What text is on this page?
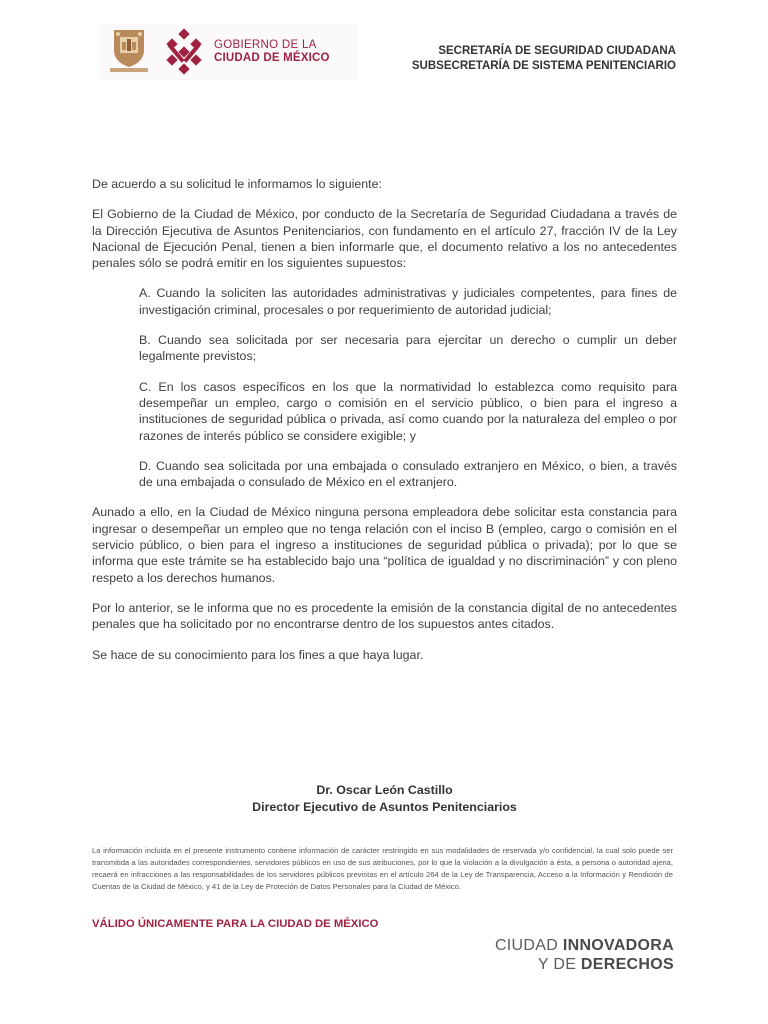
GOBIERNO DE LA
CIUDAD DE MÉXICO
SECRETARÍA DE SEGURIDAD CIUDADANA
SUBSECRETARÍA DE SISTEMA PENITENCIARIO

De acuerdo a su solicitud le informamos lo siguiente:

El Gobierno de la Ciudad de México, por conducto de la Secretaría de Seguridad Ciudadana a través de la Dirección Ejecutiva de Asuntos Penitenciarios, con fundamento en el artículo 27, fracción IV de la Ley Nacional de Ejecución Penal, tienen a bien informarle que, el documento relativo a los no antecedentes penales sólo se podrá emitir en los siguientes supuestos:

A. Cuando la soliciten las autoridades administrativas y judiciales competentes, para fines de investigación criminal, procesales o por requerimiento de autoridad judicial;

B. Cuando sea solicitada por ser necesaria para ejercitar un derecho o cumplir un deber legalmente previstos;

C. En los casos específicos en los que la normatividad lo establezca como requisito para desempeñar un empleo, cargo o comisión en el servicio público, o bien para el ingreso a instituciones de seguridad pública o privada, así como cuando por la naturaleza del empleo o por razones de interés público se considere exigible; y

D. Cuando sea solicitada por una embajada o consulado extranjero en México, o bien, a través de una embajada o consulado de México en el extranjero.

Aunado a ello, en la Ciudad de México ninguna persona empleadora debe solicitar esta constancia para ingresar o desempeñar un empleo que no tenga relación con el inciso B (empleo, cargo o comisión en el servicio público, o bien para el ingreso a instituciones de seguridad pública o privada); por lo que se informa que este trámite se ha establecido bajo una “política de igualdad y no discriminación” y con pleno respeto a los derechos humanos.

Por lo anterior, se le informa que no es procedente la emisión de la constancia digital de no antecedentes penales que ha solicitado por no encontrarse dentro de los supuestos antes citados.

Se hace de su conocimiento para los fines a que haya lugar.

Dr. Oscar León Castillo
Director Ejecutivo de Asuntos Penitenciarios
La información incluida en el presente instrumento contiene información de carácter restringido en sus modalidades de reservada y/o confidencial, la cual solo puede ser transmitida a las autoridades correspondientes, servidores públicos en uso de sus atribuciones, por lo que la violación a la divulgación a ésta, a persona o autoridad ajena, recaerá en infracciones a las responsabilidades de los servidores públicos previstas en el artículo 264 de la Ley de Transparencia, Acceso a la Información y Rendición de Cuentas de la Ciudad de México, y 41 de la Ley de Proteción de Datos Personales para la Ciudad de México.
VÁLIDO ÚNICAMENTE PARA LA CIUDAD DE MÉXICO
CIUDAD INNOVADORA
Y DE DERECHOS
